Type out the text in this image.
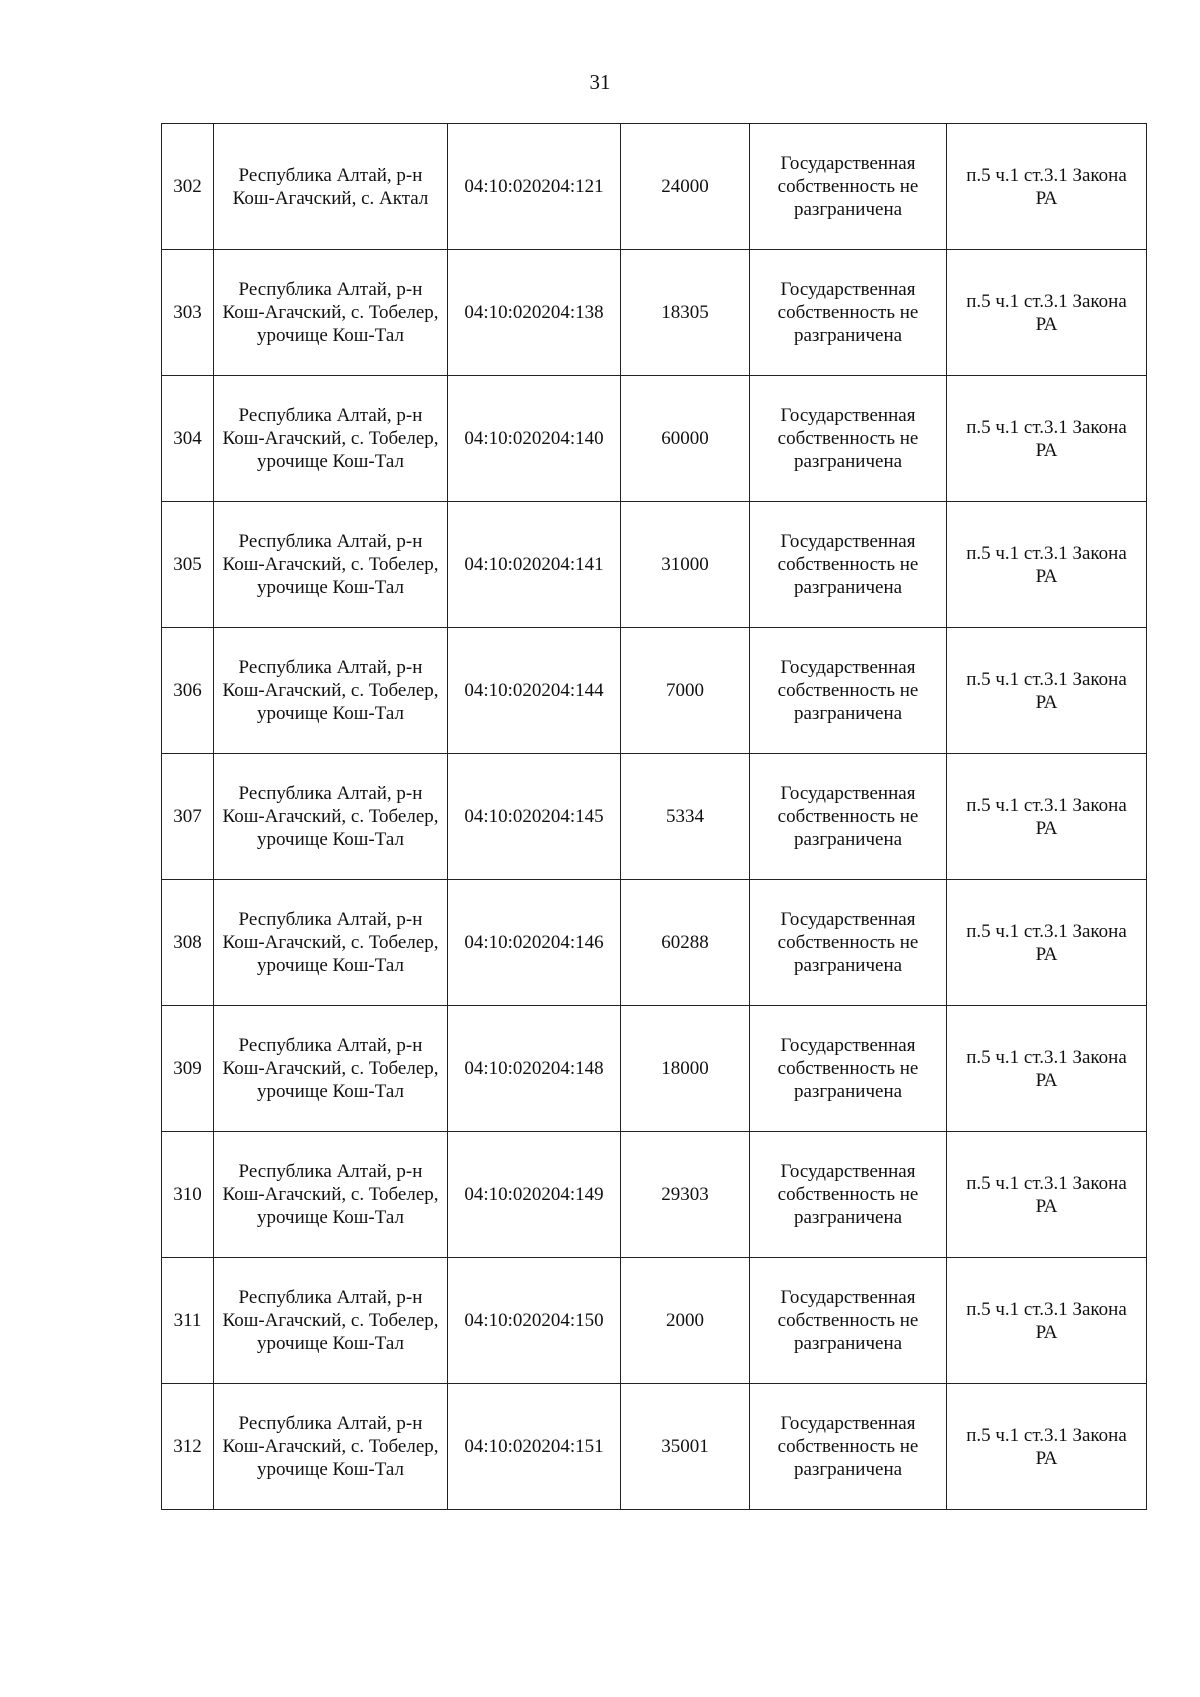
31
302	Республика Алтай, р-н Кош-Агачский, с. Актал	04:10:020204:121	24000	Государственная собственность не разграничена	п.5 ч.1 ст.3.1 Закона РА
303	Республика Алтай, р-н Кош-Агачский, с. Тобелер, урочище Кош-Тал	04:10:020204:138	18305	Государственная собственность не разграничена	п.5 ч.1 ст.3.1 Закона РА
304	Республика Алтай, р-н Кош-Агачский, с. Тобелер, урочище Кош-Тал	04:10:020204:140	60000	Государственная собственность не разграничена	п.5 ч.1 ст.3.1 Закона РА
305	Республика Алтай, р-н Кош-Агачский, с. Тобелер, урочище Кош-Тал	04:10:020204:141	31000	Государственная собственность не разграничена	п.5 ч.1 ст.3.1 Закона РА
306	Республика Алтай, р-н Кош-Агачский, с. Тобелер, урочище Кош-Тал	04:10:020204:144	7000	Государственная собственность не разграничена	п.5 ч.1 ст.3.1 Закона РА
307	Республика Алтай, р-н Кош-Агачский, с. Тобелер, урочище Кош-Тал	04:10:020204:145	5334	Государственная собственность не разграничена	п.5 ч.1 ст.3.1 Закона РА
308	Республика Алтай, р-н Кош-Агачский, с. Тобелер, урочище Кош-Тал	04:10:020204:146	60288	Государственная собственность не разграничена	п.5 ч.1 ст.3.1 Закона РА
309	Республика Алтай, р-н Кош-Агачский, с. Тобелер, урочище Кош-Тал	04:10:020204:148	18000	Государственная собственность не разграничена	п.5 ч.1 ст.3.1 Закона РА
310	Республика Алтай, р-н Кош-Агачский, с. Тобелер, урочище Кош-Тал	04:10:020204:149	29303	Государственная собственность не разграничена	п.5 ч.1 ст.3.1 Закона РА
311	Республика Алтай, р-н Кош-Агачский, с. Тобелер, урочище Кош-Тал	04:10:020204:150	2000	Государственная собственность не разграничена	п.5 ч.1 ст.3.1 Закона РА
312	Республика Алтай, р-н Кош-Агачский, с. Тобелер, урочище Кош-Тал	04:10:020204:151	35001	Государственная собственность не разграничена	п.5 ч.1 ст.3.1 Закона РА
